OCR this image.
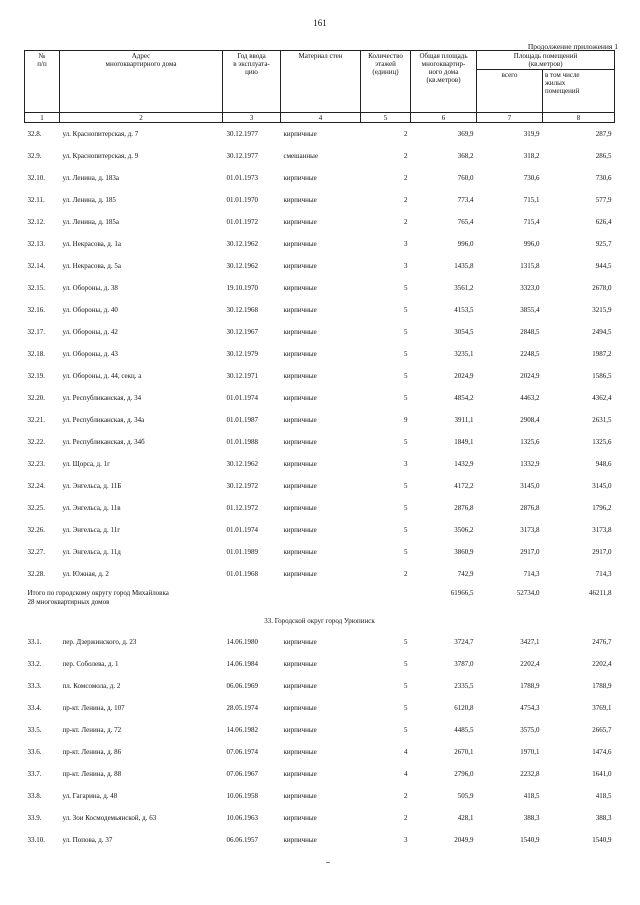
161
Продолжение приложения 1
№
п/п	Адрес
многоквартирного дома	Год ввода
в эксплуата-
цию	Материал стен	Количество
этажей
(единиц)	Общая площадь
многоквартир-
ного дома
(кв.метров)	Площадь помещений
(кв.метров)	
						всего	в том числе
жилых
помещений
1	2	3	4	5	6	7	8
32.8.	ул. Краснопитерская, д. 7	30.12.1977	кирпичные	2	369,9	319,9	287,9
32.9.	ул. Краснопитерская, д. 9	30.12.1977	смешанные	2	368,2	318,2	286,5
32.10.	ул. Ленина, д. 183а	01.01.1973	кирпичные	2	760,0	730,6	730,6
32.11.	ул. Ленина, д. 185	01.01.1970	кирпичные	2	773,4	715,1	577,9
32.12.	ул. Ленина, д. 185а	01.01.1972	кирпичные	2	765,4	715,4	626,4
32.13.	ул. Некрасова, д. 1а	30.12.1962	кирпичные	3	996,0	996,0	925,7
32.14.	ул. Некрасова, д. 5а	30.12.1962	кирпичные	3	1435,8	1315,8	944,5
32.15.	ул. Обороны, д. 38	19.10.1970	кирпичные	5	3561,2	3323,0	2678,0
32.16.	ул. Обороны, д. 40	30.12.1968	кирпичные	5	4153,5	3855,4	3215,9
32.17.	ул. Обороны, д. 42	30.12.1967	кирпичные	5	3054,5	2848,5	2494,5
32.18.	ул. Обороны, д. 43	30.12.1979	кирпичные	5	3235,1	2248,5	1987,2
32.19.	ул. Обороны, д. 44, секц. а	30.12.1971	кирпичные	5	2024,9	2024,9	1586,5
32.20.	ул. Республиканская, д. 34	01.01.1974	кирпичные	5	4854,2	4463,2	4362,4
32.21.	ул. Республиканская, д. 34а	01.01.1987	кирпичные	9	3911,1	2908,4	2631,5
32.22.	ул. Республиканская, д. 34б	01.01.1988	кирпичные	5	1849,1	1325,6	1325,6
32.23.	ул. Щорса, д. 1г	30.12.1962	кирпичные	3	1432,9	1332,9	948,6
32.24.	ул. Энгельса, д. 11Б	30.12.1972	кирпичные	5	4172,2	3145,0	3145,0
32.25.	ул. Энгельса, д. 11в	01.12.1972	кирпичные	5	2876,8	2876,8	1796,2
32.26.	ул. Энгельса, д. 11г	01.01.1974	кирпичные	5	3506,2	3173,8	3173,8
32.27.	ул. Энгельса, д. 11д	01.01.1989	кирпичные	5	3860,9	2917,0	2917,0
32.28.	ул. Южная, д. 2	01.01.1968	кирпичные	2	742,9	714,3	714,3
Итого по городскому округу город Михайловка
28 многоквартирных домов					61966,5	52734,0	46211,8
33. Городской округ город Урюпинск							

33.1.	пер. Дзержинского, д. 23	14.06.1980	кирпичные	5	3724,7	3427,1	2476,7
33.2.	пер. Соболева, д. 1	14.06.1984	кирпичные	5	3787,0	2202,4	2202,4
33.3.	пл. Комсомола, д. 2	06.06.1969	кирпичные	5	2335,5	1788,9	1788,9
33.4.	пр-кт. Ленина, д. 107	28.05.1974	кирпичные	5	6120,8	4754,3	3769,1
33.5.	пр-кт. Ленина, д. 72	14.06.1982	кирпичные	5	4485,5	3575,0	2665,7
33.6.	пр-кт. Ленина, д. 86	07.06.1974	кирпичные	4	2670,1	1970,1	1474,6
33.7.	пр-кт. Ленина, д. 88	07.06.1967	кирпичные	4	2796,0	2232,8	1641,0
33.8.	ул. Гагарина, д. 48	10.06.1958	кирпичные	2	505,9	418,5	418,5
33.9.	ул. Зои Космодемьянской, д. 63	10.06.1963	кирпичные	2	428,1	388,3	388,3
33.10.	ул. Попова, д. 37	06.06.1957	кирпичные	3	2049,9	1540,9	1540,9
